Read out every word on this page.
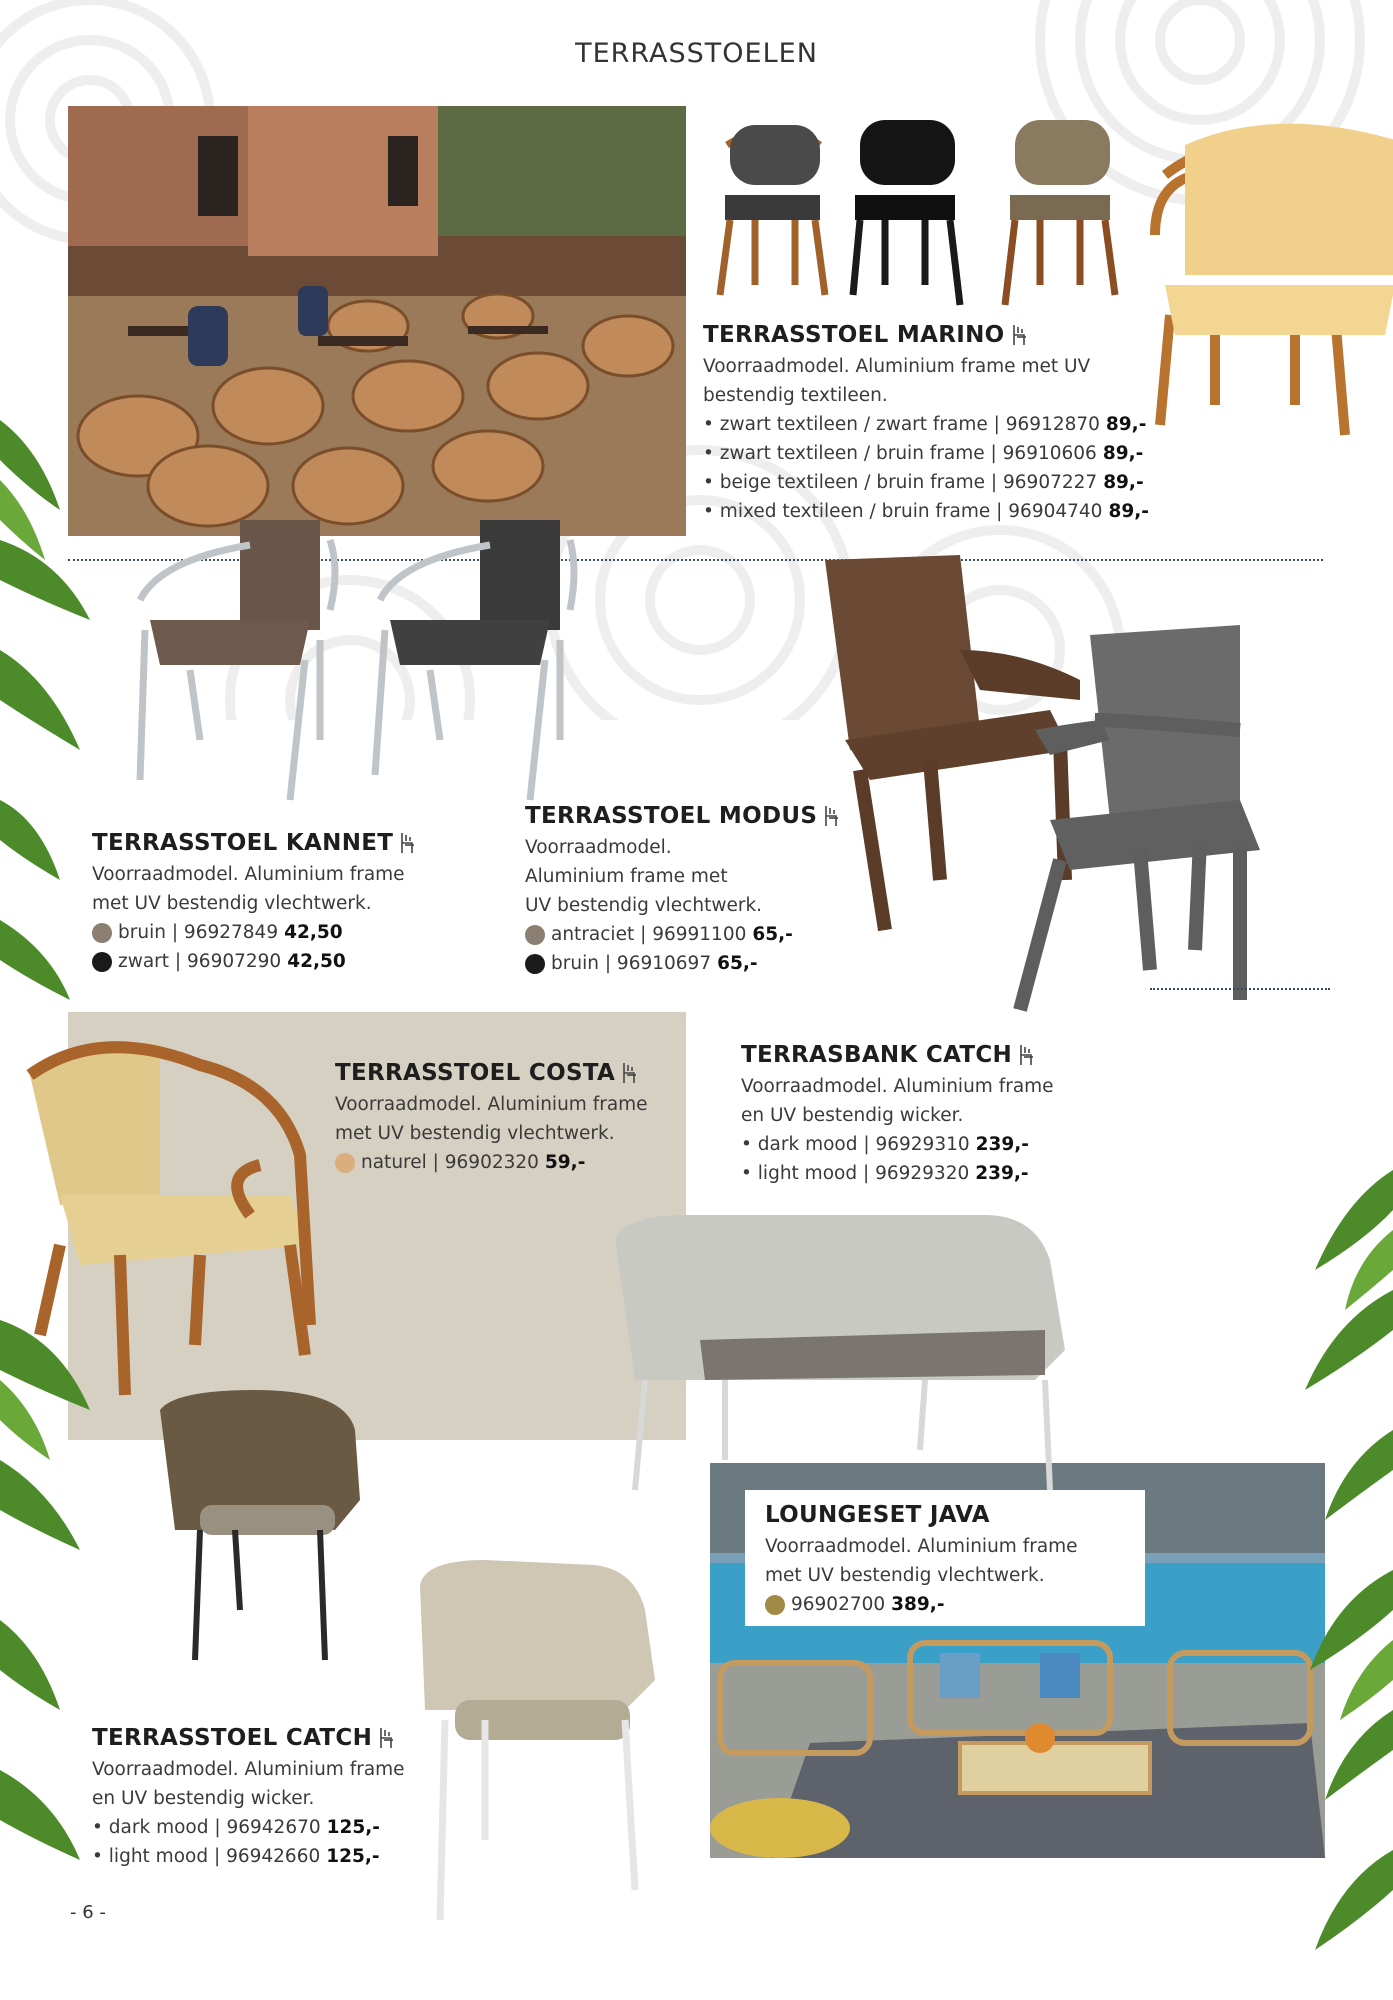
TERRASSTOELEN
TERRASSTOEL MARINO
Voorraadmodel. Aluminium frame met UV bestendig textileen.
• zwart textileen / zwart frame | 96912870 89,-
• zwart textileen / bruin frame | 96910606 89,-
• beige textileen / bruin frame | 96907227 89,-
• mixed textileen / bruin frame | 96904740 89,-
TERRASSTOEL KANNET
Voorraadmodel. Aluminium frame
met UV bestendig vlechtwerk.
bruin | 96927849 42,50
zwart | 96907290 42,50
TERRASSTOEL MODUS
Voorraadmodel.
Aluminium frame met
UV bestendig vlechtwerk.
antraciet | 96991100 65,-
bruin | 96910697 65,-
TERRASSTOEL COSTA
Voorraadmodel. Aluminium frame
met UV bestendig vlechtwerk.
naturel | 96902320 59,-
TERRASBANK CATCH
Voorraadmodel. Aluminium frame
en UV bestendig wicker.
• dark mood | 96929310 239,-
• light mood | 96929320 239,-
LOUNGESET JAVA
Voorraadmodel. Aluminium frame
met UV bestendig vlechtwerk.
96902700 389,-
TERRASSTOEL CATCH
Voorraadmodel. Aluminium frame
en UV bestendig wicker.
• dark mood | 96942670 125,-
• light mood | 96942660 125,-
- 6 -
